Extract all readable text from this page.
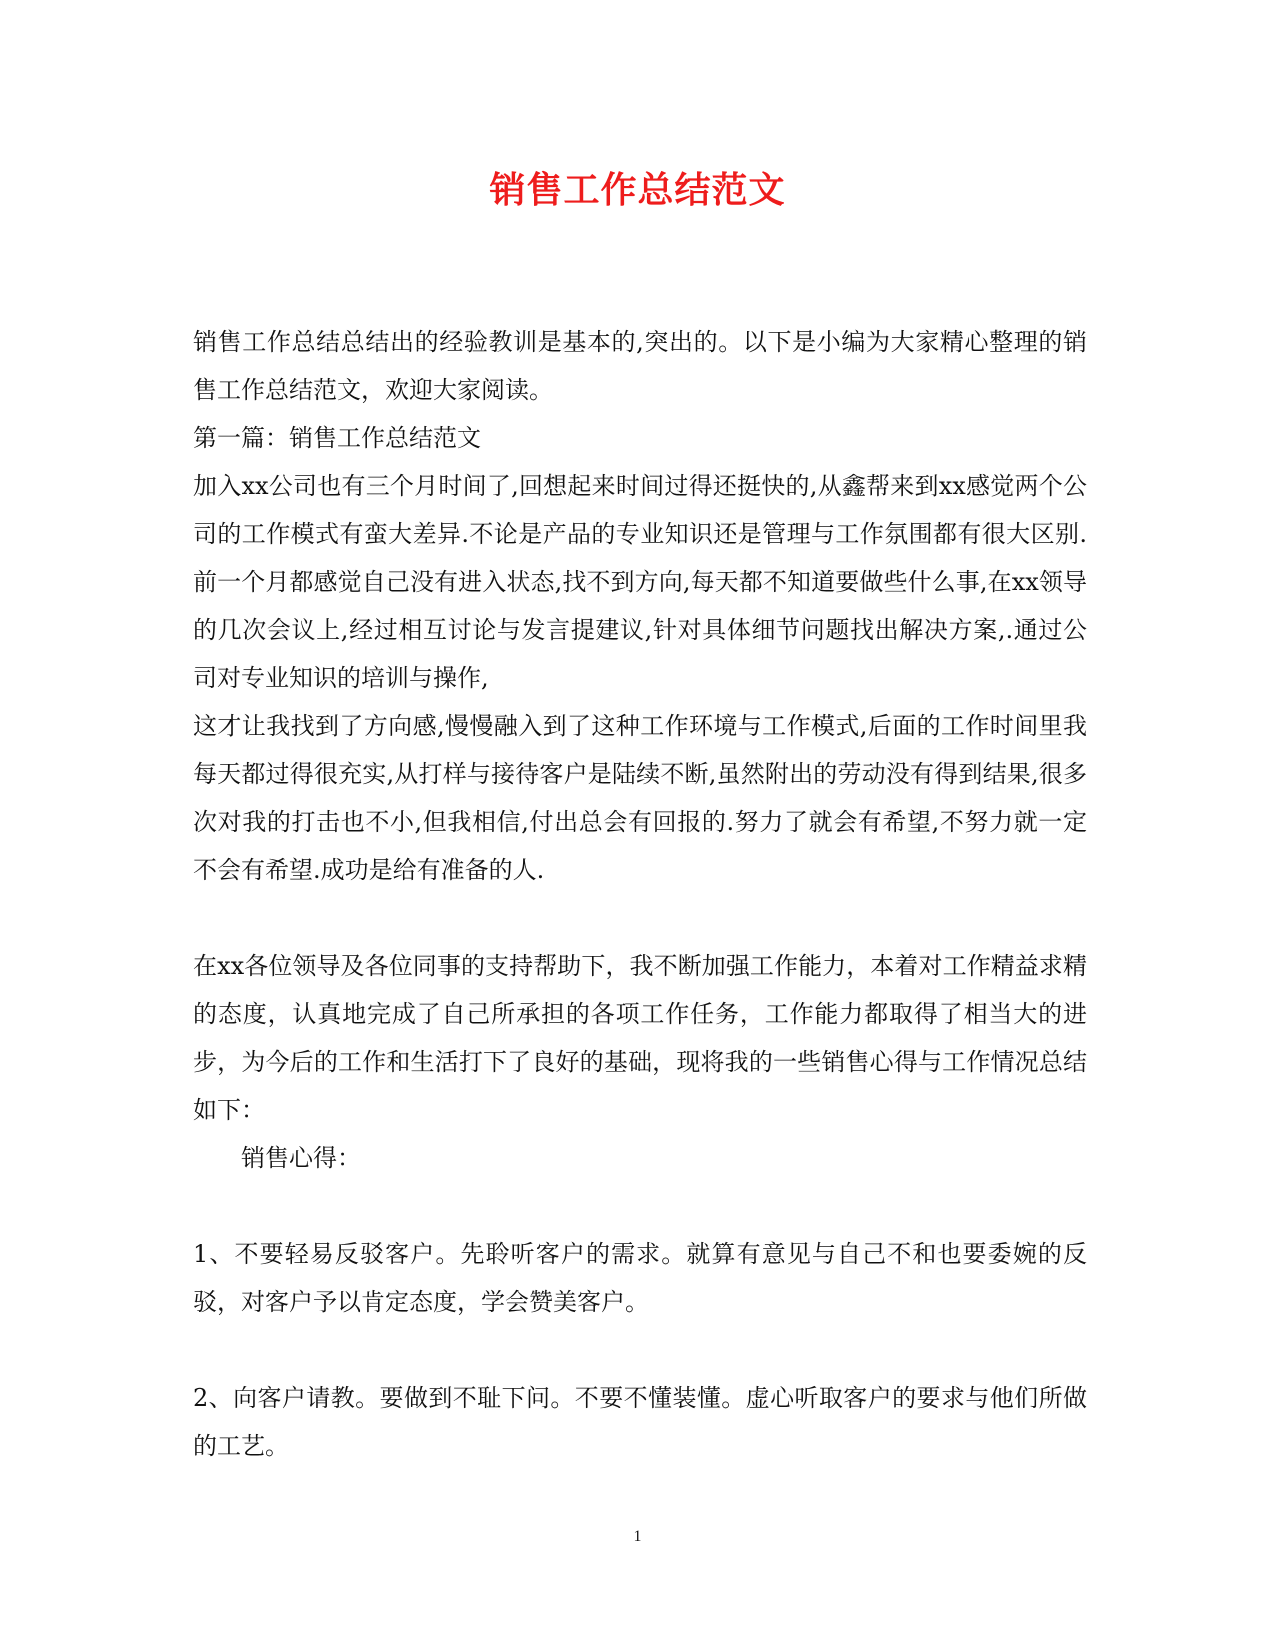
销售工作总结范文

销售工作总结总结出的经验教训是基本的,突出的。以下是小编为大家精心整理的销售工作总结范文，欢迎大家阅读。

第一篇：销售工作总结范文

加入xx公司也有三个月时间了,回想起来时间过得还挺快的,从鑫帮来到xx感觉两个公司的工作模式有蛮大差异.不论是产品的专业知识还是管理与工作氛围都有很大区别.前一个月都感觉自己没有进入状态,找不到方向,每天都不知道要做些什么事,在xx领导的几次会议上,经过相互讨论与发言提建议,针对具体细节问题找出解决方案,.通过公司对专业知识的培训与操作,

这才让我找到了方向感,慢慢融入到了这种工作环境与工作模式,后面的工作时间里我每天都过得很充实,从打样与接待客户是陆续不断,虽然附出的劳动没有得到结果,很多次对我的打击也不小,但我相信,付出总会有回报的.努力了就会有希望,不努力就一定不会有希望.成功是给有准备的人.

在xx各位领导及各位同事的支持帮助下，我不断加强工作能力，本着对工作精益求精的态度，认真地完成了自己所承担的各项工作任务，工作能力都取得了相当大的进步，为今后的工作和生活打下了良好的基础，现将我的一些销售心得与工作情况总结如下：

销售心得：

1、不要轻易反驳客户。先聆听客户的需求。就算有意见与自己不和也要委婉的反驳，对客户予以肯定态度，学会赞美客户。

2、向客户请教。要做到不耻下问。不要不懂装懂。虚心听取客户的要求与他们所做的工艺。

1
